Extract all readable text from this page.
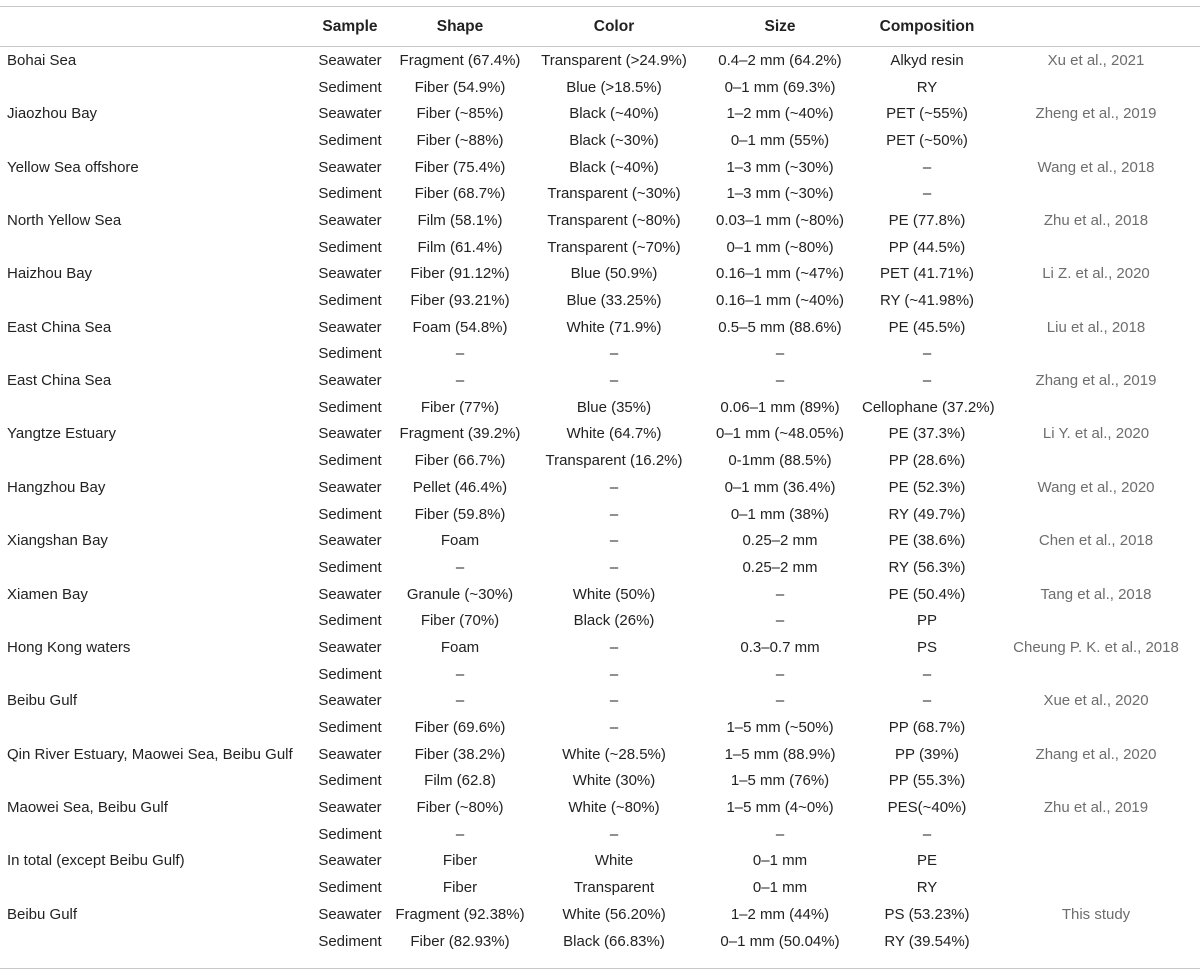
	Sample	Shape	Color	Size	Composition	
Bohai Sea	Seawater	Fragment (67.4%)	Transparent (>24.9%)	0.4–2 mm (64.2%)	Alkyd resin	Xu et al., 2021
	Sediment	Fiber (54.9%)	Blue (>18.5%)	0–1 mm (69.3%)	RY	
Jiaozhou Bay	Seawater	Fiber (~85%)	Black (~40%)	1–2 mm (~40%)	PET (~55%)	Zheng et al., 2019
	Sediment	Fiber (~88%)	Black (~30%)	0–1 mm (55%)	PET (~50%)	
Yellow Sea offshore	Seawater	Fiber (75.4%)	Black (~40%)	1–3 mm (~30%)	–	Wang et al., 2018
	Sediment	Fiber (68.7%)	Transparent (~30%)	1–3 mm (~30%)	–	
North Yellow Sea	Seawater	Film (58.1%)	Transparent (~80%)	0.03–1 mm (~80%)	PE (77.8%)	Zhu et al., 2018
	Sediment	Film (61.4%)	Transparent (~70%)	0–1 mm (~80%)	PP (44.5%)	
Haizhou Bay	Seawater	Fiber (91.12%)	Blue (50.9%)	0.16–1 mm (~47%)	PET (41.71%)	Li Z. et al., 2020
	Sediment	Fiber (93.21%)	Blue (33.25%)	0.16–1 mm (~40%)	RY (~41.98%)	
East China Sea	Seawater	Foam (54.8%)	White (71.9%)	0.5–5 mm (88.6%)	PE (45.5%)	Liu et al., 2018
	Sediment	–	–	–	–	
East China Sea	Seawater	–	–	–	–	Zhang et al., 2019
	Sediment	Fiber (77%)	Blue (35%)	0.06–1 mm (89%)	Cellophane (37.2%)	
Yangtze Estuary	Seawater	Fragment (39.2%)	White (64.7%)	0–1 mm (~48.05%)	PE (37.3%)	Li Y. et al., 2020
	Sediment	Fiber (66.7%)	Transparent (16.2%)	0-1mm (88.5%)	PP (28.6%)	
Hangzhou Bay	Seawater	Pellet (46.4%)	–	0–1 mm (36.4%)	PE (52.3%)	Wang et al., 2020
	Sediment	Fiber (59.8%)	–	0–1 mm (38%)	RY (49.7%)	
Xiangshan Bay	Seawater	Foam	–	0.25–2 mm	PE (38.6%)	Chen et al., 2018
	Sediment	–	–	0.25–2 mm	RY (56.3%)	
Xiamen Bay	Seawater	Granule (~30%)	White (50%)	–	PE (50.4%)	Tang et al., 2018
	Sediment	Fiber (70%)	Black (26%)	–	PP	
Hong Kong waters	Seawater	Foam	–	0.3–0.7 mm	PS	Cheung P. K. et al., 2018
	Sediment	–	–	–	–	
Beibu Gulf	Seawater	–	–	–	–	Xue et al., 2020
	Sediment	Fiber (69.6%)	–	1–5 mm (~50%)	PP (68.7%)	
Qin River Estuary, Maowei Sea, Beibu Gulf	Seawater	Fiber (38.2%)	White (~28.5%)	1–5 mm (88.9%)	PP (39%)	Zhang et al., 2020
	Sediment	Film (62.8)	White (30%)	1–5 mm (76%)	PP (55.3%)	
Maowei Sea, Beibu Gulf	Seawater	Fiber (~80%)	White (~80%)	1–5 mm (4~0%)	PES(~40%)	Zhu et al., 2019
	Sediment	–	–	–	–	
In total (except Beibu Gulf)	Seawater	Fiber	White	0–1 mm	PE	
	Sediment	Fiber	Transparent	0–1 mm	RY	
Beibu Gulf	Seawater	Fragment (92.38%)	White (56.20%)	1–2 mm (44%)	PS (53.23%)	This study
	Sediment	Fiber (82.93%)	Black (66.83%)	0–1 mm (50.04%)	RY (39.54%)	
